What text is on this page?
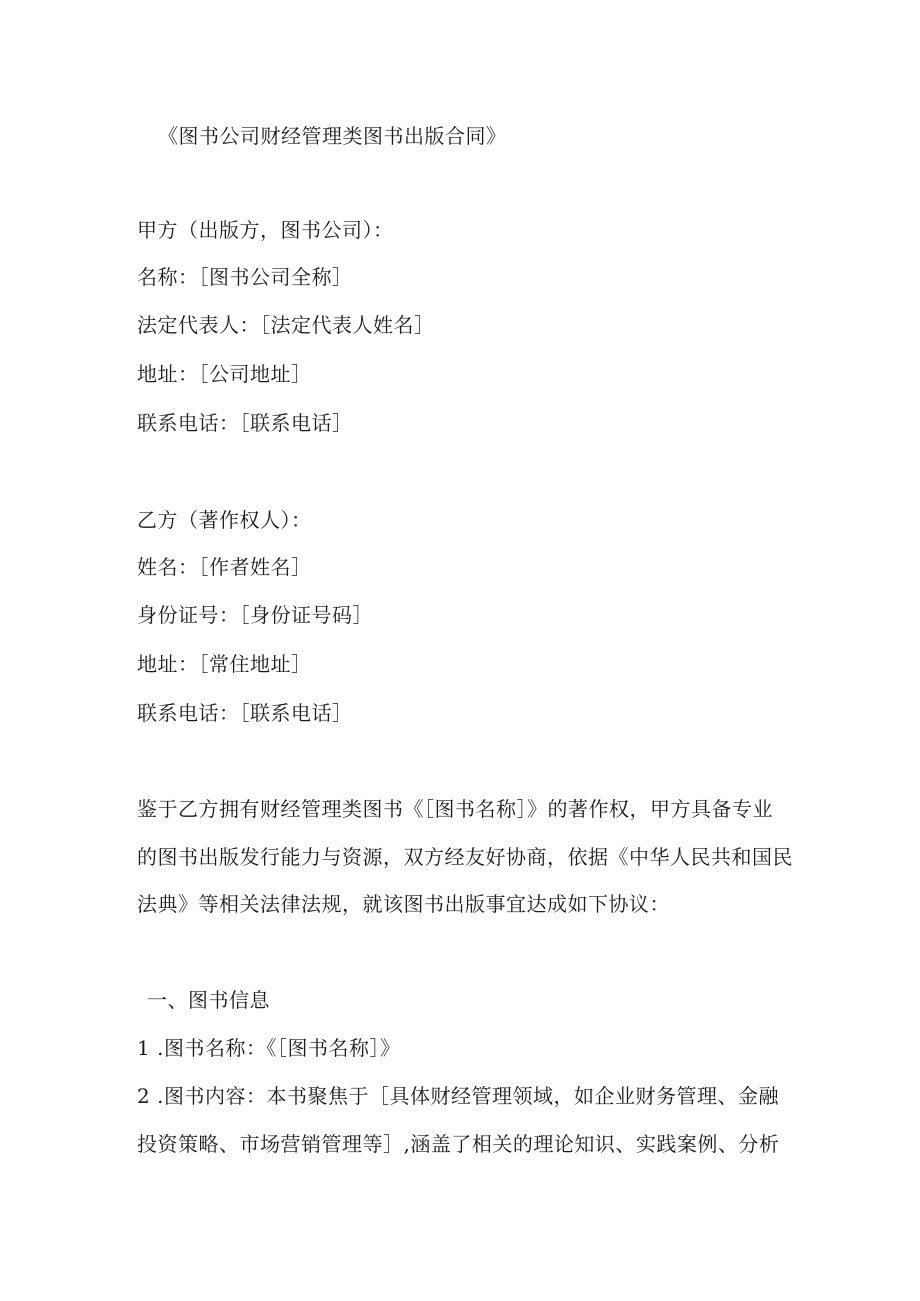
《图书公司财经管理类图书出版合同》
甲方（出版方，图书公司）：
名称：［图书公司全称］
法定代表人：［法定代表人姓名］
地址：［公司地址］
联系电话：［联系电话］
乙方（著作权人）：
姓名：［作者姓名］
身份证号：［身份证号码］
地址：［常住地址］
联系电话：［联系电话］
鉴于乙方拥有财经管理类图书《［图书名称］》的著作权，甲方具备专业
的图书出版发行能力与资源，双方经友好协商，依据《中华人民共和国民
法典》等相关法律法规，就该图书出版事宜达成如下协议：
一、图书信息
1 .图书名称：《［图书名称］》
2 .图书内容：本书聚焦于［具体财经管理领域，如企业财务管理、金融
投资策略、市场营销管理等］,涵盖了相关的理论知识、实践案例、分析
